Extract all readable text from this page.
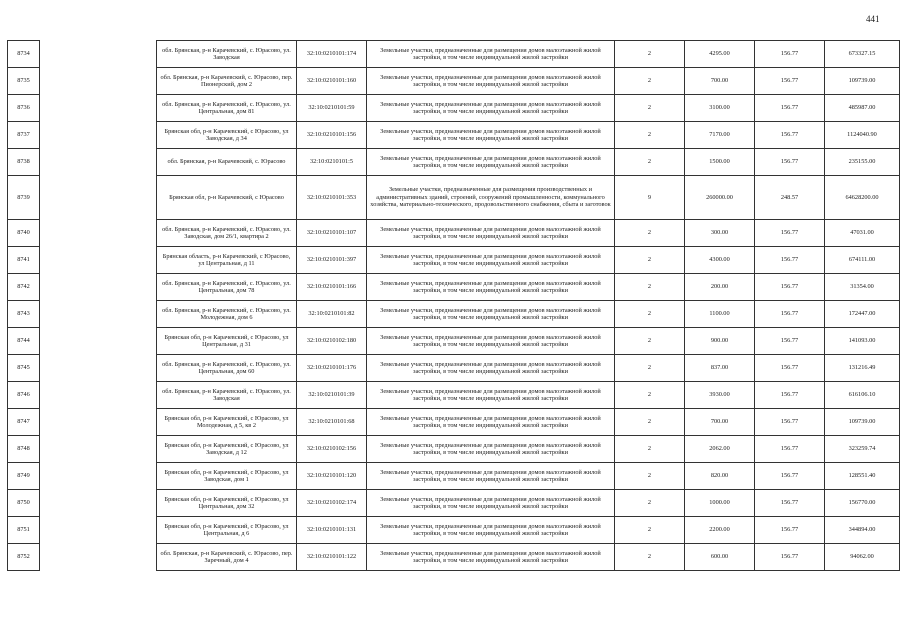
441
8734		обл. Брянская, р-н Карачевский, с. Юрасово, ул. Заводская	32:10:0210101:174	Земельные участки, предназначенные для размещения домов малоэтажной жилой застройки, в том числе индивидуальной жилой застройки	2	4295.00	156.77	673327.15
8735		обл. Брянская, р-н Карачевский, с. Юрасово, пер. Пионерский, дом 2	32:10:0210101:160	Земельные участки, предназначенные для размещения домов малоэтажной жилой застройки, в том числе индивидуальной жилой застройки	2	700.00	156.77	109739.00
8736		обл. Брянская, р-н Карачевский, с. Юрасово, ул. Центральная, дом 81	32:10:0210101:59	Земельные участки, предназначенные для размещения домов малоэтажной жилой застройки, в том числе индивидуальной жилой застройки	2	3100.00	156.77	485987.00
8737		Брянская обл, р-н Карачевский, с Юрасово, ул Заводская, д 34	32:10:0210101:156	Земельные участки, предназначенные для размещения домов малоэтажной жилой застройки, в том числе индивидуальной жилой застройки	2	7170.00	156.77	1124040.90
8738		обл. Брянская, р-н Карачевский, с. Юрасово	32:10:0210101:5	Земельные участки, предназначенные для размещения домов малоэтажной жилой застройки, в том числе индивидуальной жилой застройки	2	1500.00	156.77	235155.00
8739		Брянская обл, р-н Карачевский, с Юрасово	32:10:0210101:353	Земельные участки, предназначенные для размещения производственных и административных зданий, строений, сооружений промышленности, коммунального хозяйства, материально-технического, продовольственного снабжения, сбыта и заготовок	9	260000.00	248.57	64628200.00
8740		обл. Брянская, р-н Карачевский, с. Юрасово, ул. Заводская, дом 26/1, квартира 2	32:10:0210101:107	Земельные участки, предназначенные для размещения домов малоэтажной жилой застройки, в том числе индивидуальной жилой застройки	2	300.00	156.77	47031.00
8741		Брянская область, р-н Карачевский, с Юрасово, ул Центральная, д 11	32:10:0210101:397	Земельные участки, предназначенные для размещения домов малоэтажной жилой застройки, в том числе индивидуальной жилой застройки	2	4300.00	156.77	674111.00
8742		обл. Брянская, р-н Карачевский, с. Юрасово, ул. Центральная, дом 78	32:10:0210101:166	Земельные участки, предназначенные для размещения домов малоэтажной жилой застройки, в том числе индивидуальной жилой застройки	2	200.00	156.77	31354.00
8743		обл. Брянская, р-н Карачевский, с. Юрасово, ул. Молодежная, дом 6	32:10:0210101:82	Земельные участки, предназначенные для размещения домов малоэтажной жилой застройки, в том числе индивидуальной жилой застройки	2	1100.00	156.77	172447.00
8744		Брянская обл, р-н Карачевский, с Юрасово, ул Центральная, д 31	32:10:0210102:180	Земельные участки, предназначенные для размещения домов малоэтажной жилой застройки, в том числе индивидуальной жилой застройки	2	900.00	156.77	141093.00
8745		обл. Брянская, р-н Карачевский, с. Юрасово, ул. Центральная, дом 60	32:10:0210101:176	Земельные участки, предназначенные для размещения домов малоэтажной жилой застройки, в том числе индивидуальной жилой застройки	2	837.00	156.77	131216.49
8746		обл. Брянская, р-н Карачевский, с. Юрасово, ул. Заводская	32:10:0210101:39	Земельные участки, предназначенные для размещения домов малоэтажной жилой застройки, в том числе индивидуальной жилой застройки	2	3930.00	156.77	616106.10
8747		Брянская обл, р-н Карачевский, с Юрасово, ул Молодежная, д 5, кв 2	32:10:0210101:68	Земельные участки, предназначенные для размещения домов малоэтажной жилой застройки, в том числе индивидуальной жилой застройки	2	700.00	156.77	109739.00
8748		Брянская обл, р-н Карачевский, с Юрасово, ул Заводская, д 12	32:10:0210102:156	Земельные участки, предназначенные для размещения домов малоэтажной жилой застройки, в том числе индивидуальной жилой застройки	2	2062.00	156.77	323259.74
8749		Брянская обл, р-н Карачевский, с Юрасово, ул Заводская, дом 1	32:10:0210101:120	Земельные участки, предназначенные для размещения домов малоэтажной жилой застройки, в том числе индивидуальной жилой застройки	2	820.00	156.77	128551.40
8750		Брянская обл, р-н Карачевский, с Юрасово, ул Центральная, дом 32	32:10:0210102:174	Земельные участки, предназначенные для размещения домов малоэтажной жилой застройки, в том числе индивидуальной жилой застройки	2	1000.00	156.77	156770.00
8751		Брянская обл, р-н Карачевский, с Юрасово, ул Центральная, д 6	32:10:0210101:131	Земельные участки, предназначенные для размещения домов малоэтажной жилой застройки, в том числе индивидуальной жилой застройки	2	2200.00	156.77	344894.00
8752		обл. Брянская, р-н Карачевский, с. Юрасово, пер. Заречный, дом 4	32:10:0210101:122	Земельные участки, предназначенные для размещения домов малоэтажной жилой застройки, в том числе индивидуальной жилой застройки	2	600.00	156.77	94062.00
